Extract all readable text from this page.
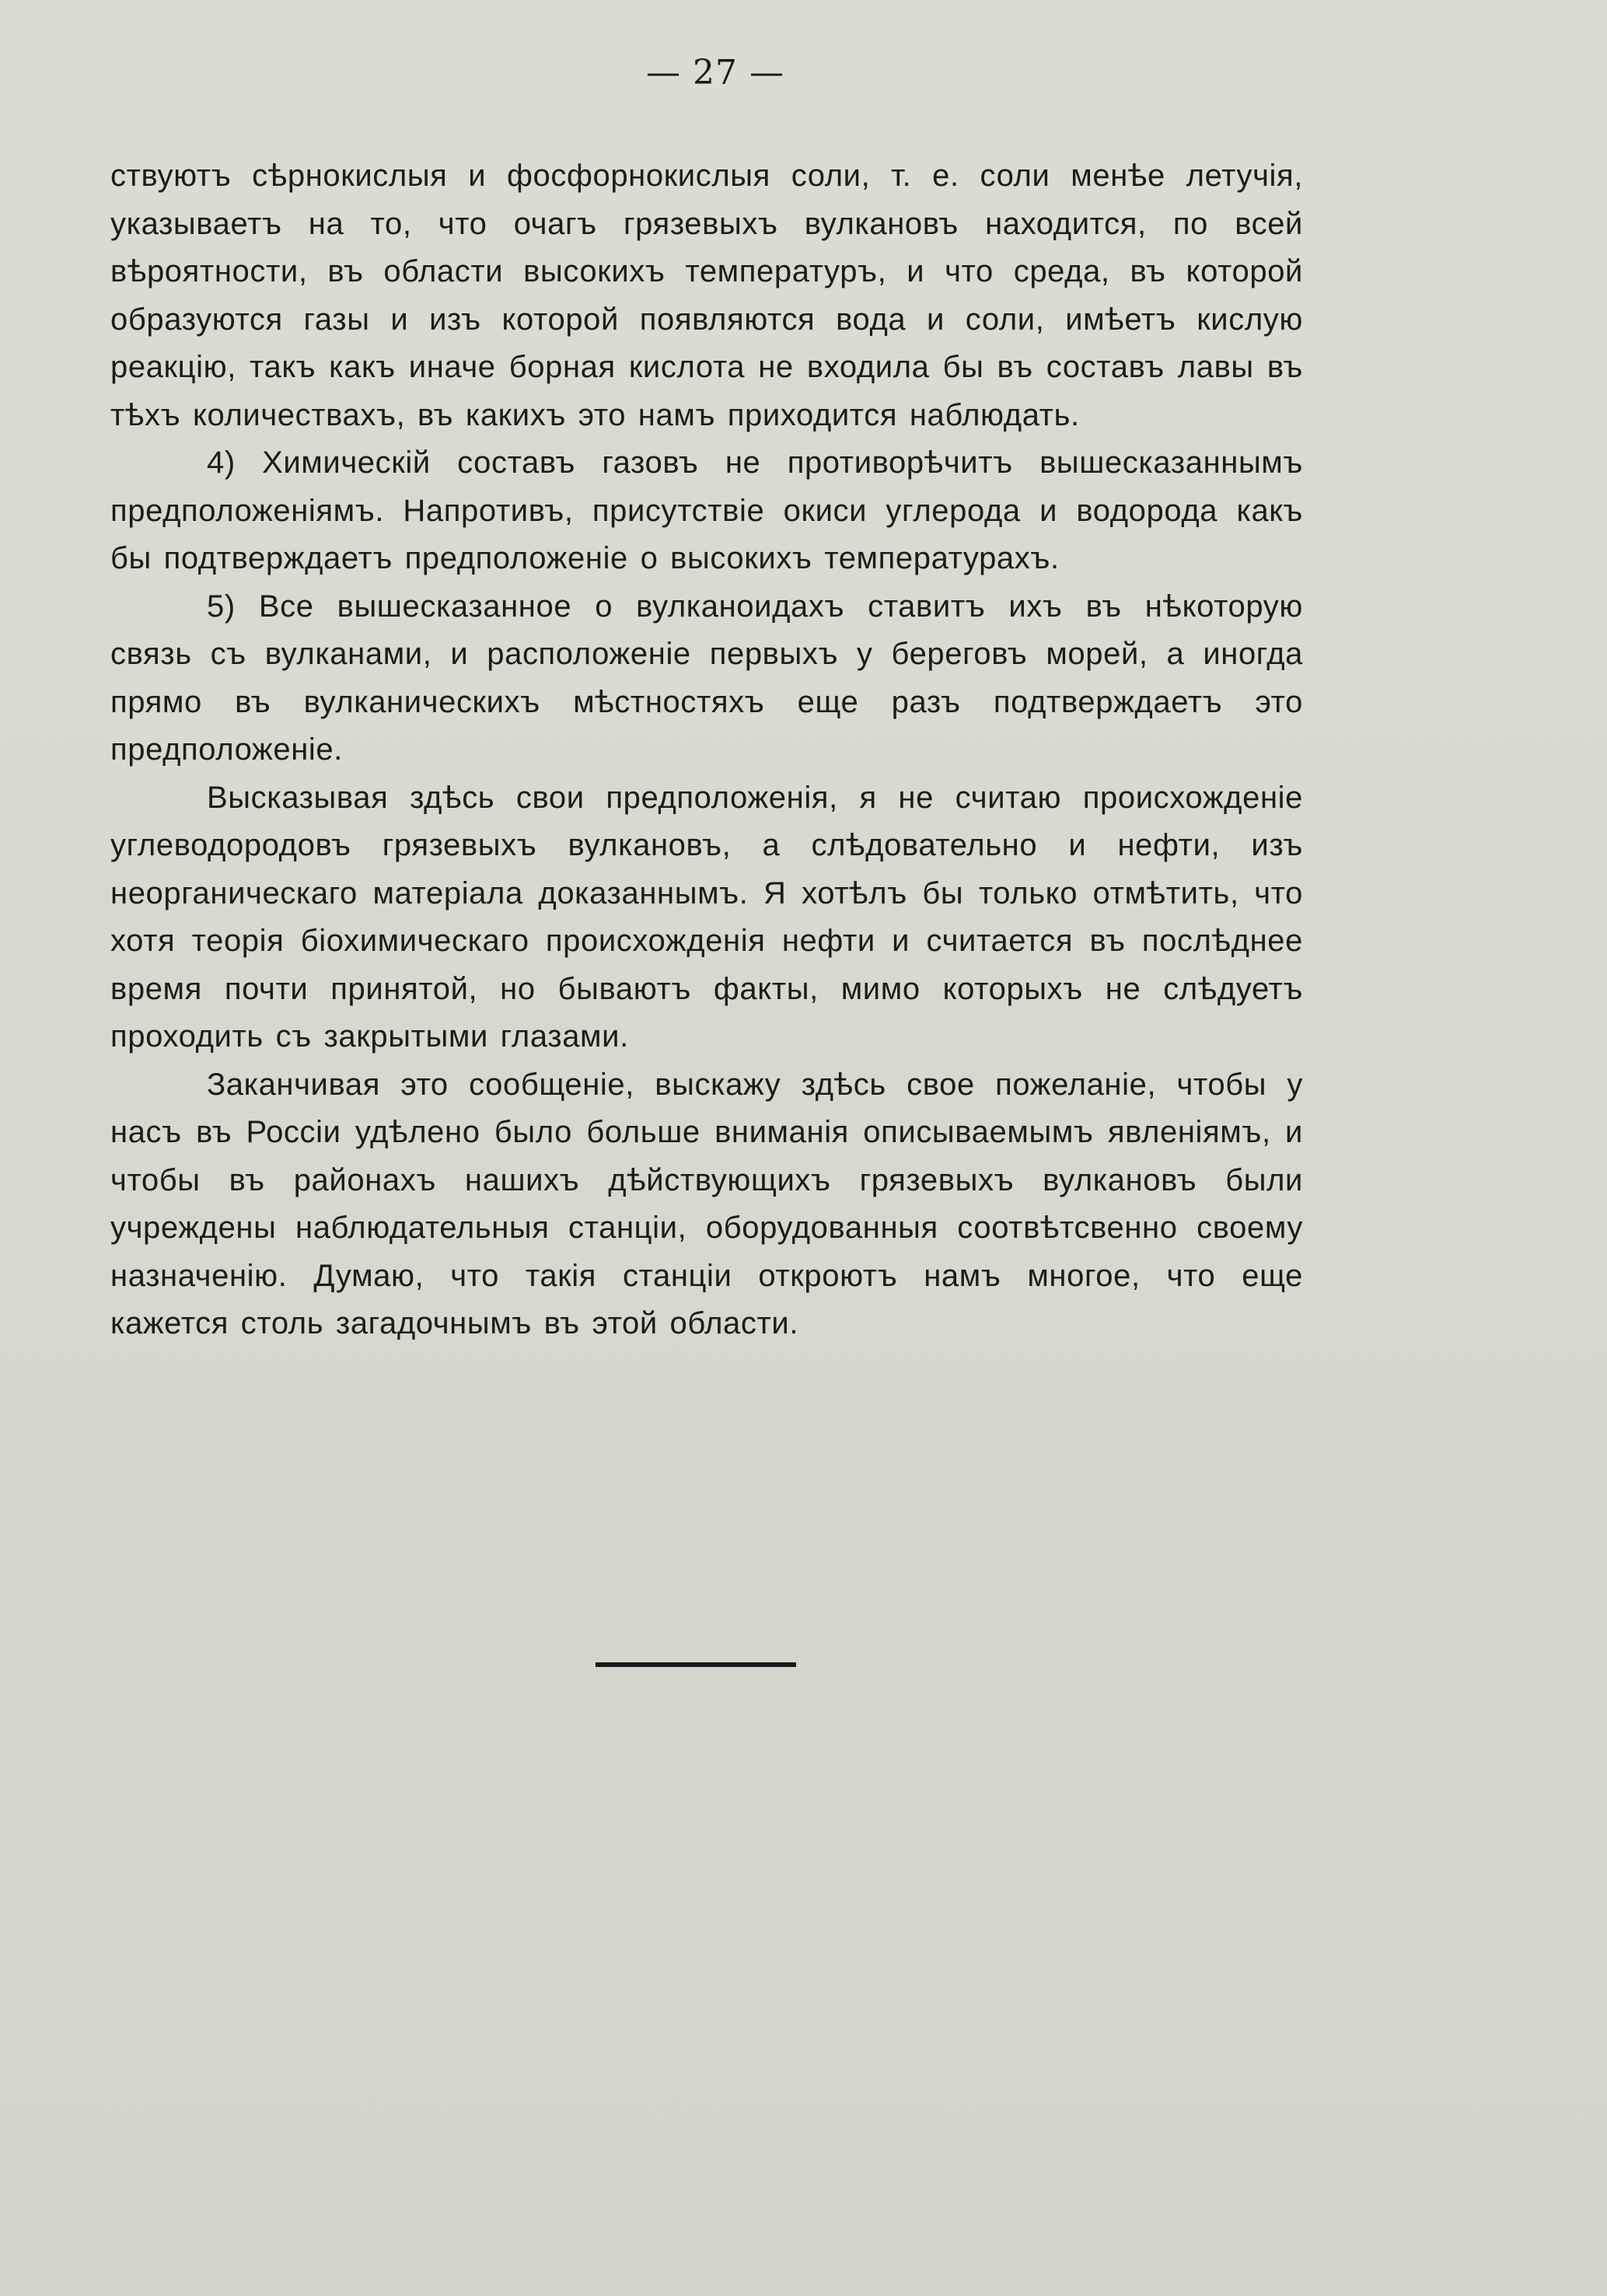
— 27 —

ствуютъ сѣрнокислыя и фосфорнокислыя соли, т. е. соли менѣе летучія, указываетъ на то, что очагъ грязевыхъ вулкановъ находится, по всей вѣроятности, въ области высокихъ температуръ, и что среда, въ которой образуются газы и изъ которой появляются вода и соли, имѣетъ кислую реакцію, такъ какъ иначе борная кислота не входила бы въ составъ лавы въ тѣхъ количествахъ, въ какихъ это намъ приходится наблюдать.

4) Химическій составъ газовъ не противорѣчитъ вышесказаннымъ предположеніямъ. Напротивъ, присутствіе окиси углерода и водорода какъ бы подтверждаетъ предположеніе о высокихъ температурахъ.

5) Все вышесказанное о вулканоидахъ ставитъ ихъ въ нѣкоторую связь съ вулканами, и расположеніе первыхъ у береговъ морей, а иногда прямо въ вулканическихъ мѣстностяхъ еще разъ подтверждаетъ это предположеніе.

Высказывая здѣсь свои предположенія, я не считаю происхожденіе углеводородовъ грязевыхъ вулкановъ, а слѣдовательно и нефти, изъ неорганическаго матеріала доказаннымъ. Я хотѣлъ бы только отмѣтить, что хотя теорія біохимическаго происхожденія нефти и считается въ послѣднее время почти принятой, но бываютъ факты, мимо которыхъ не слѣдуетъ проходить съ закрытыми глазами.

Заканчивая это сообщеніе, выскажу здѣсь свое пожеланіе, чтобы у насъ въ Россіи удѣлено было больше вниманія описываемымъ явленіямъ, и чтобы въ районахъ нашихъ дѣйствующихъ грязевыхъ вулкановъ были учреждены наблюдательныя станціи, оборудованныя соотвѣтсвенно своему назначенію. Думаю, что такія станціи откроютъ намъ многое, что еще кажется столь загадочнымъ въ этой области.
